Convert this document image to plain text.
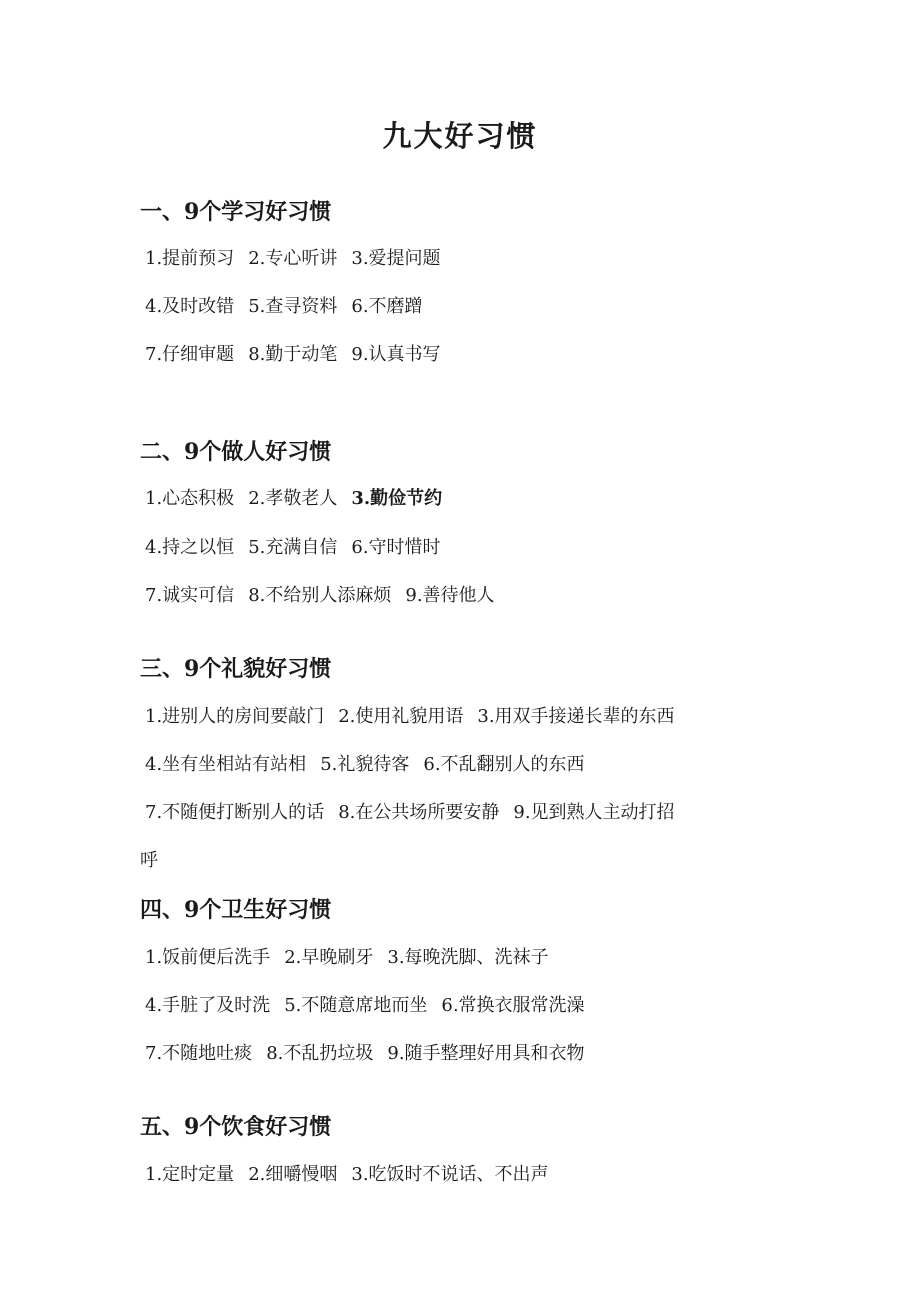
九大好习惯
一、9个学习好习惯
1.提前预习 2.专心听讲 3.爱提问题
4.及时改错 5.查寻资料 6.不磨蹭
7.仔细审题 8.勤于动笔 9.认真书写
二、9个做人好习惯
1.心态积极 2.孝敬老人 3.勤俭节约
4.持之以恒 5.充满自信 6.守时惜时
7.诚实可信 8.不给别人添麻烦 9.善待他人
三、9个礼貌好习惯
1.进别人的房间要敲门 2.使用礼貌用语 3.用双手接递长辈的东西
4.坐有坐相站有站相 5.礼貌待客 6.不乱翻别人的东西
7.不随便打断别人的话 8.在公共场所要安静 9.见到熟人主动打招
呼
四、9个卫生好习惯
1.饭前便后洗手 2.早晚刷牙 3.每晚洗脚、洗袜子
4.手脏了及时洗 5.不随意席地而坐 6.常换衣服常洗澡
7.不随地吐痰 8.不乱扔垃圾 9.随手整理好用具和衣物
五、9个饮食好习惯
1.定时定量 2.细嚼慢咽 3.吃饭时不说话、不出声
